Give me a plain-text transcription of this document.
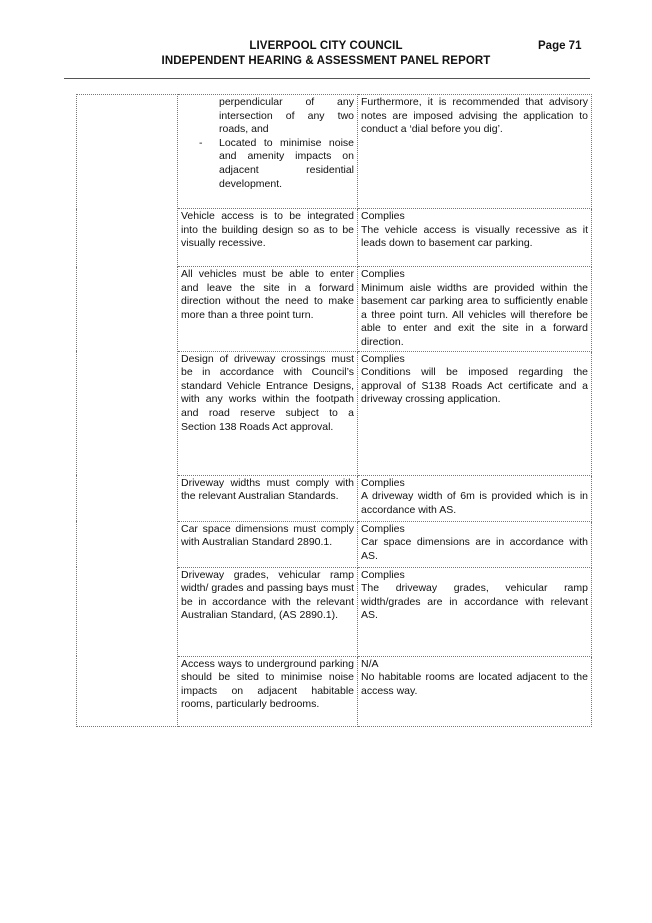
LIVERPOOL CITY COUNCIL	Page 71
INDEPENDENT HEARING & ASSESSMENT PANEL REPORT

	perpendicular of any intersection of any two roads, and
- Located to minimise noise and amenity impacts on adjacent residential development.	Furthermore, it is recommended that advisory notes are imposed advising the application to conduct a ‘dial before you dig’.

	Vehicle access is to be integrated into the building design so as to be visually recessive.	Complies
The vehicle access is visually recessive as it leads down to basement car parking.

	All vehicles must be able to enter and leave the site in a forward direction without the need to make more than a three point turn.	Complies
Minimum aisle widths are provided within the basement car parking area to sufficiently enable a three point turn. All vehicles will therefore be able to enter and exit the site in a forward direction.

	Design of driveway crossings must be in accordance with Council’s standard Vehicle Entrance Designs, with any works within the footpath and road reserve subject to a Section 138 Roads Act approval.	Complies
Conditions will be imposed regarding the approval of S138 Roads Act certificate and a driveway crossing application.

	Driveway widths must comply with the relevant Australian Standards.	Complies
A driveway width of 6m is provided which is in accordance with AS.

	Car space dimensions must comply with Australian Standard 2890.1.	Complies
Car space dimensions are in accordance with AS.

	Driveway grades, vehicular ramp width/ grades and passing bays must be in accordance with the relevant Australian Standard, (AS 2890.1).	Complies
The driveway grades, vehicular ramp width/grades are in accordance with relevant AS.

	Access ways to underground parking should be sited to minimise noise impacts on adjacent habitable rooms, particularly bedrooms.	N/A
No habitable rooms are located adjacent to the access way.
